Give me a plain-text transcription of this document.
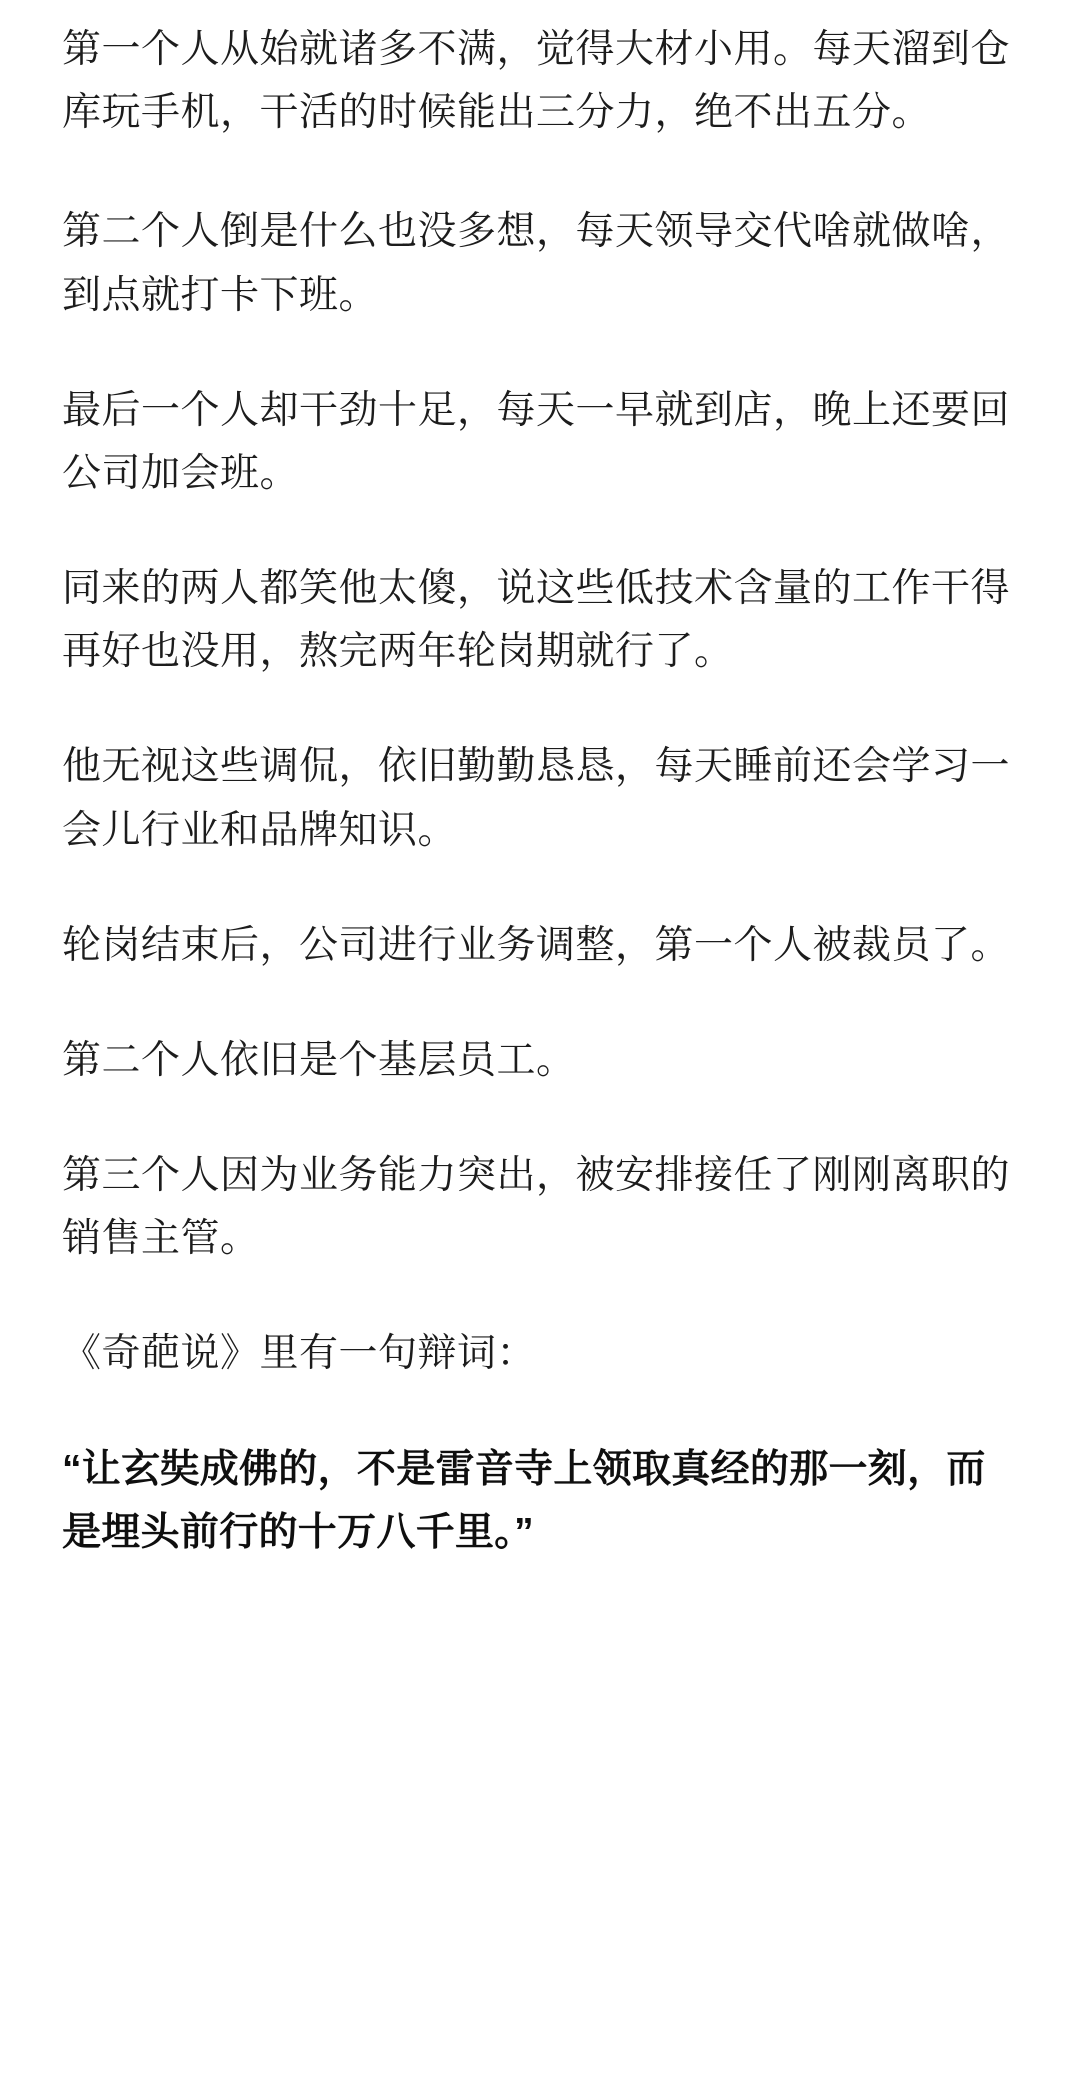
第一个人从始就诸多不满，觉得大材小用。每天溜到仓库玩手机，干活的时候能出三分力，绝不出五分。

第二个人倒是什么也没多想，每天领导交代啥就做啥，到点就打卡下班。

最后一个人却干劲十足，每天一早就到店，晚上还要回公司加会班。

同来的两人都笑他太傻，说这些低技术含量的工作干得再好也没用，熬完两年轮岗期就行了。

他无视这些调侃，依旧勤勤恳恳，每天睡前还会学习一会儿行业和品牌知识。

轮岗结束后，公司进行业务调整，第一个人被裁员了。

第二个人依旧是个基层员工。

第三个人因为业务能力突出，被安排接任了刚刚离职的销售主管。

《奇葩说》里有一句辩词：

“让玄奘成佛的，不是雷音寺上领取真经的那一刻，而是埋头前行的十万八千里。”
